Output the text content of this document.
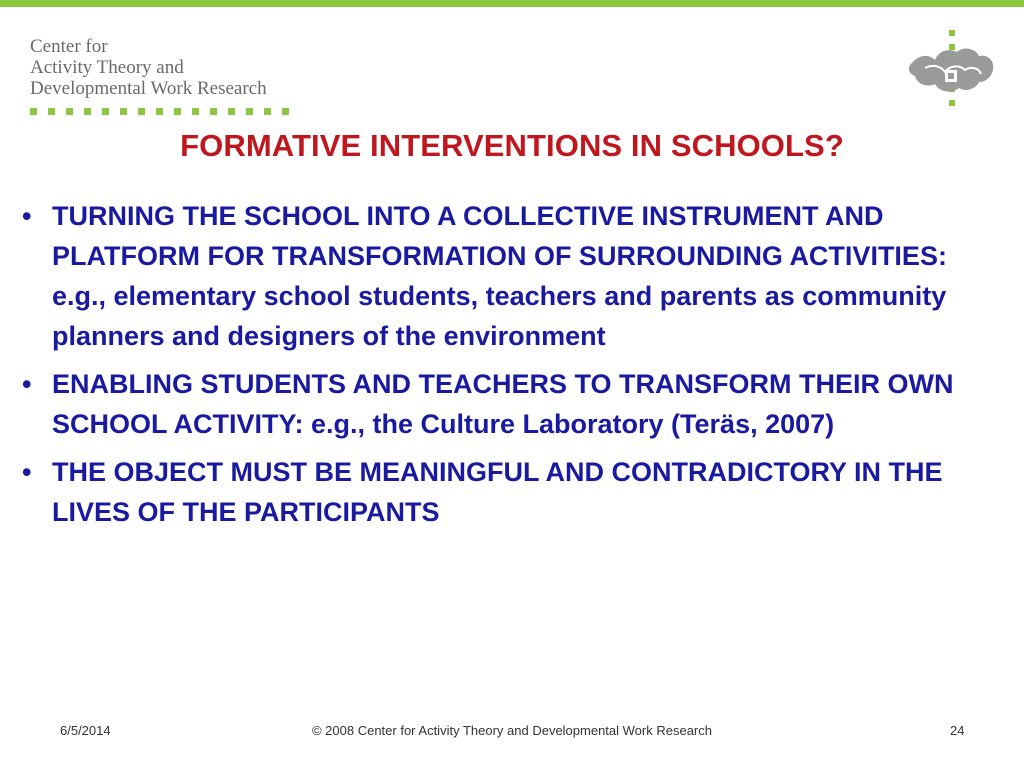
Center for
Activity Theory and
Developmental Work Research
FORMATIVE INTERVENTIONS IN SCHOOLS?
• TURNING THE SCHOOL INTO A COLLECTIVE INSTRUMENT AND PLATFORM FOR TRANSFORMATION OF SURROUNDING ACTIVITIES: e.g., elementary school students, teachers and parents as community planners and designers of the environment
• ENABLING STUDENTS AND TEACHERS TO TRANSFORM THEIR OWN SCHOOL ACTIVITY: e.g., the Culture Laboratory (Teräs, 2007)
• THE OBJECT MUST BE MEANINGFUL AND CONTRADICTORY IN THE LIVES OF THE PARTICIPANTS
6/5/2014	© 2008 Center for Activity Theory and Developmental Work Research	24
